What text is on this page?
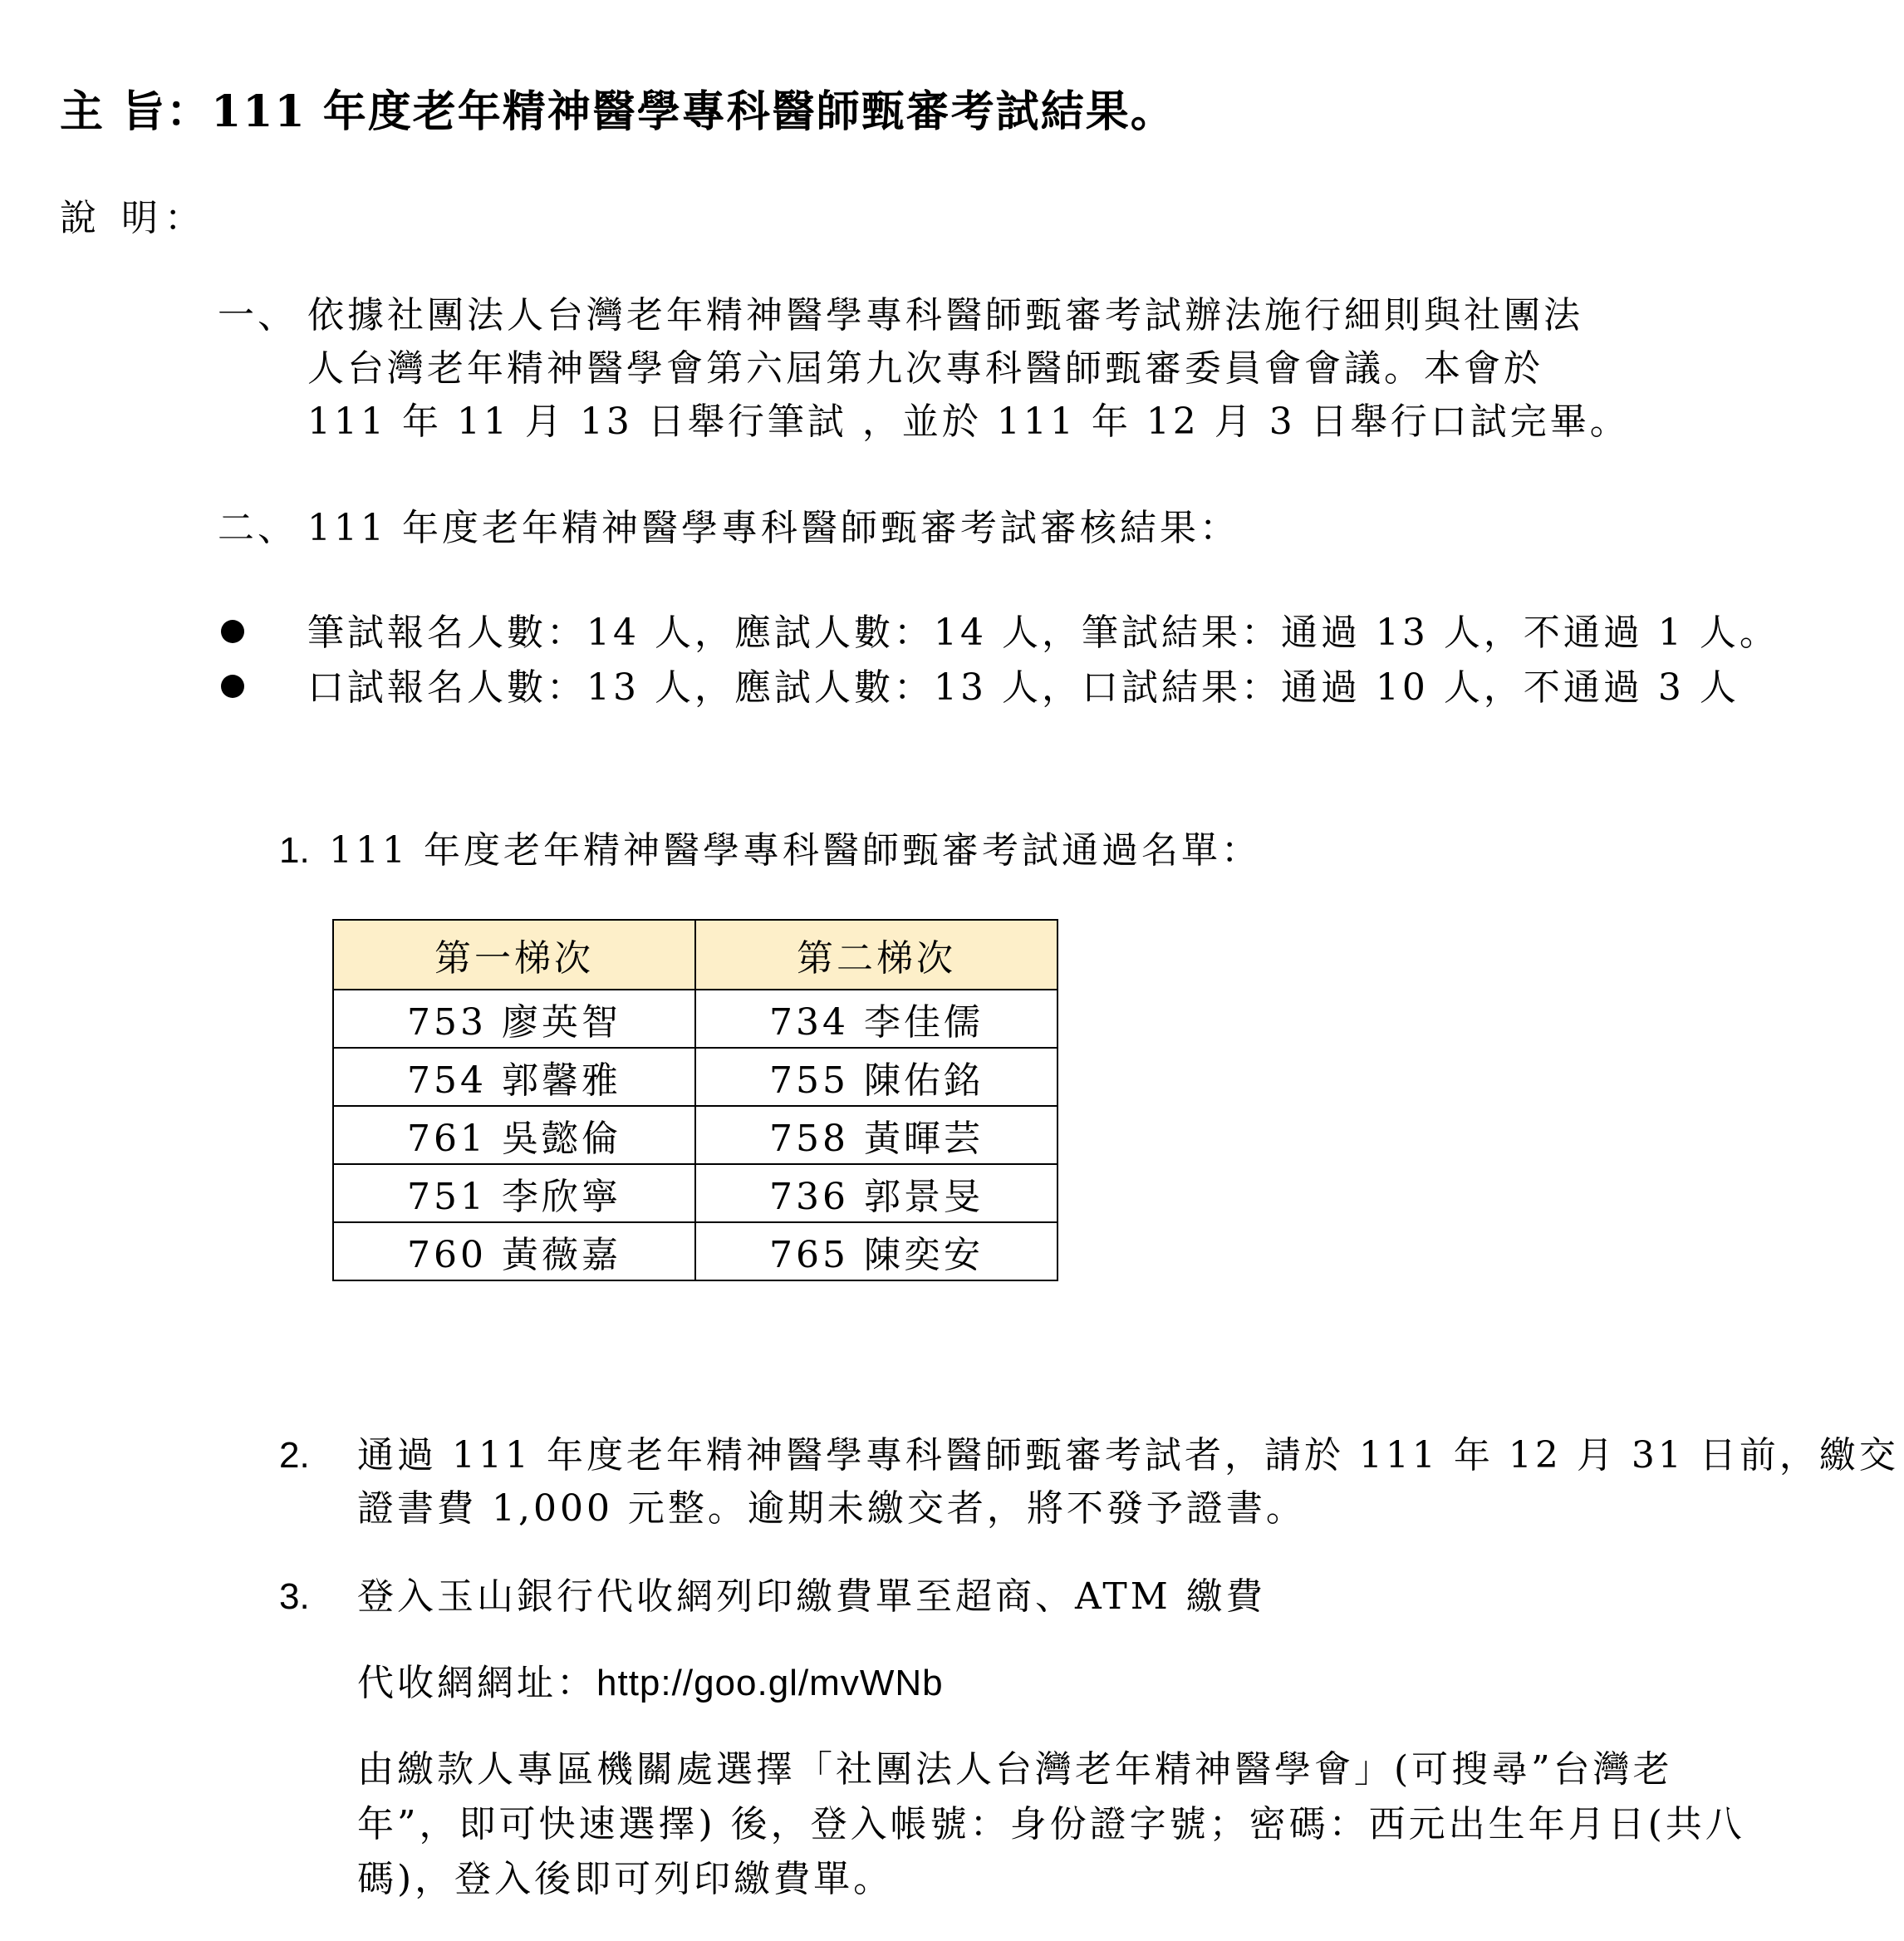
主 旨：111 年度老年精神醫學專科醫師甄審考試結果。
說 明：
一、 依據社團法人台灣老年精神醫學專科醫師甄審考試辦法施行細則與社團法
人台灣老年精神醫學會第六屆第九次專科醫師甄審委員會會議。本會於
111 年 11 月 13 日舉行筆試 ，並於 111 年 12 月 3 日舉行口試完畢。
二、 111 年度老年精神醫學專科醫師甄審考試審核結果：
筆試報名人數：14 人，應試人數：14 人，筆試結果：通過 13 人，不通過 1 人。
口試報名人數：13 人，應試人數：13 人，口試結果：通過 10 人，不通過 3 人
1. 111 年度老年精神醫學專科醫師甄審考試通過名單：
第一梯次	第二梯次
753 廖英智	734 李佳儒
754 郭馨雅	755 陳佑銘
761 吳懿倫	758 黃暉芸
751 李欣寧	736 郭景旻
760 黃薇嘉	765 陳奕安
2. 通過 111 年度老年精神醫學專科醫師甄審考試者，請於 111 年 12 月 31 日前，繳交
證書費 1,000 元整。逾期未繳交者，將不發予證書。
3. 登入玉山銀行代收網列印繳費單至超商、ATM 繳費
代收網網址：http://goo.gl/mvWNb
由繳款人專區機關處選擇「社團法人台灣老年精神醫學會」(可搜尋”台灣老
年”，即可快速選擇) 後，登入帳號：身份證字號；密碼：西元出生年月日(共八
碼)，登入後即可列印繳費單。
